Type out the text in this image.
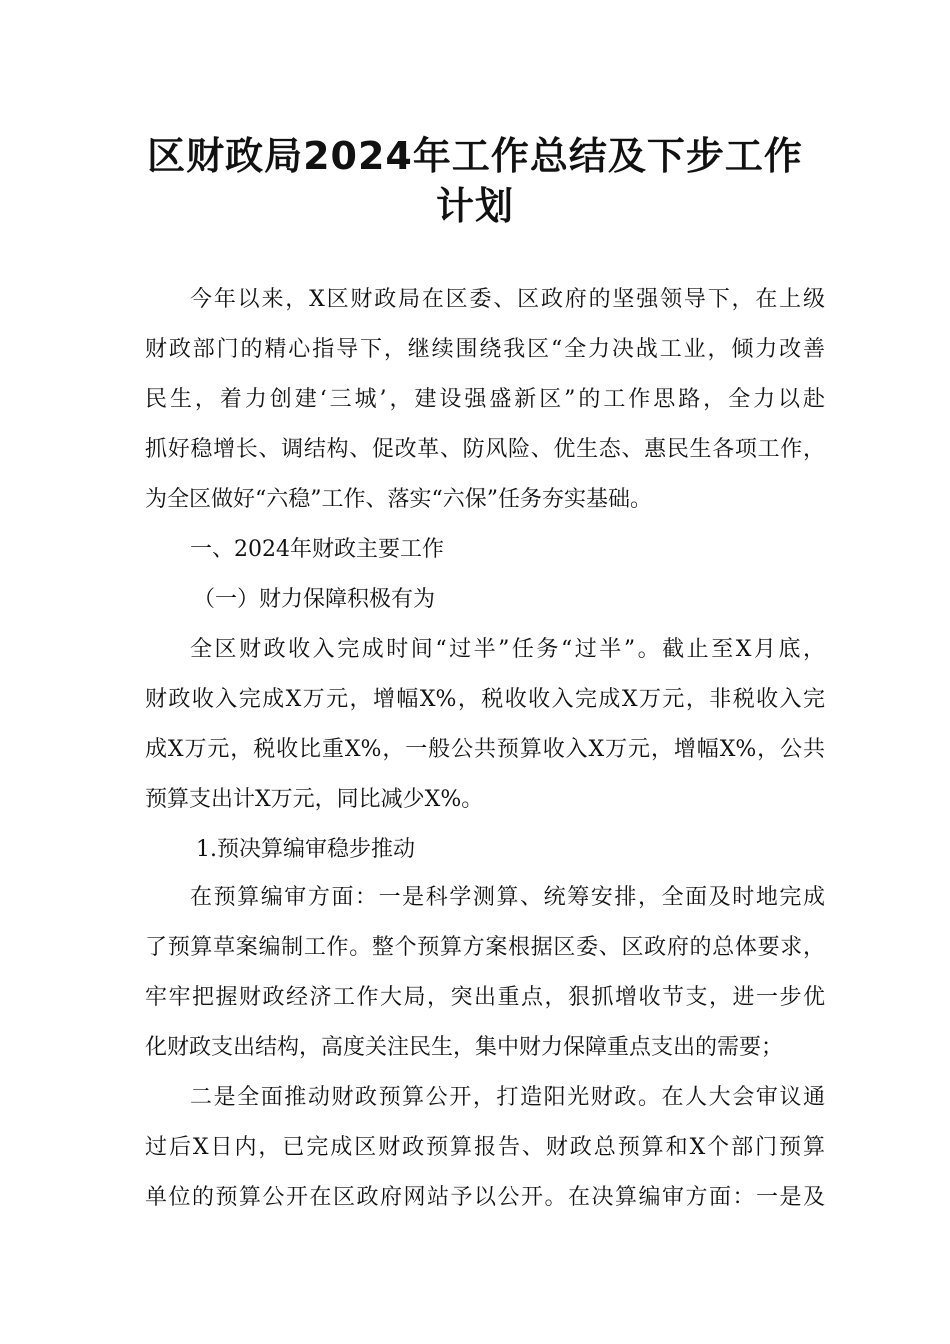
区财政局2024年工作总结及下步工作
计划
今年以来，X区财政局在区委、区政府的坚强领导下，在上级
财政部门的精心指导下，继续围绕我区“全力决战工业，倾力改善
民生，着力创建‘三城’，建设强盛新区”的工作思路，全力以赴
抓好稳增长、调结构、促改革、防风险、优生态、惠民生各项工作，
为全区做好“六稳”工作、落实“六保”任务夯实基础。
一、2024年财政主要工作
（一）财力保障积极有为
全区财政收入完成时间“过半”任务“过半”。截止至X月底，
财政收入完成X万元，增幅X%，税收收入完成X万元，非税收入完
成X万元，税收比重X%，一般公共预算收入X万元，增幅X%，公共
预算支出计X万元，同比减少X%。
1.预决算编审稳步推动
在预算编审方面：一是科学测算、统筹安排，全面及时地完成
了预算草案编制工作。整个预算方案根据区委、区政府的总体要求，
牢牢把握财政经济工作大局，突出重点，狠抓增收节支，进一步优
化财政支出结构，高度关注民生，集中财力保障重点支出的需要；
二是全面推动财政预算公开，打造阳光财政。在人大会审议通
过后X日内，已完成区财政预算报告、财政总预算和X个部门预算
单位的预算公开在区政府网站予以公开。在决算编审方面：一是及
